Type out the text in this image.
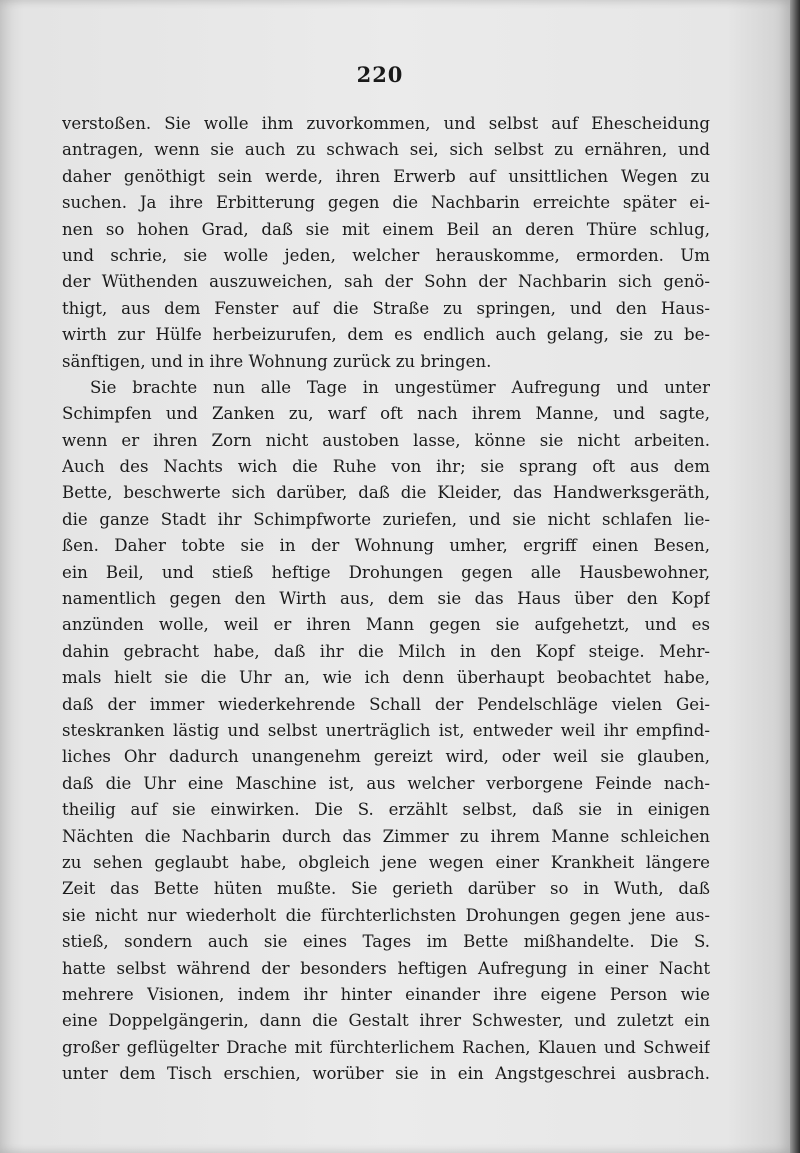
220
verstoßen. Sie wolle ihm zuvorkommen, und selbst auf Ehescheidung
antragen, wenn sie auch zu schwach sei, sich selbst zu ernähren, und
daher genöthigt sein werde, ihren Erwerb auf unsittlichen Wegen zu
suchen. Ja ihre Erbitterung gegen die Nachbarin erreichte später ei-
nen so hohen Grad, daß sie mit einem Beil an deren Thüre schlug,
und schrie, sie wolle jeden, welcher herauskomme, ermorden. Um
der Wüthenden auszuweichen, sah der Sohn der Nachbarin sich genö-
thigt, aus dem Fenster auf die Straße zu springen, und den Haus-
wirth zur Hülfe herbeizurufen, dem es endlich auch gelang, sie zu be-
sänftigen, und in ihre Wohnung zurück zu bringen.
Sie brachte nun alle Tage in ungestümer Aufregung und unter
Schimpfen und Zanken zu, warf oft nach ihrem Manne, und sagte,
wenn er ihren Zorn nicht austoben lasse, könne sie nicht arbeiten.
Auch des Nachts wich die Ruhe von ihr; sie sprang oft aus dem
Bette, beschwerte sich darüber, daß die Kleider, das Handwerksgeräth,
die ganze Stadt ihr Schimpfworte zuriefen, und sie nicht schlafen lie-
ßen. Daher tobte sie in der Wohnung umher, ergriff einen Besen,
ein Beil, und stieß heftige Drohungen gegen alle Hausbewohner,
namentlich gegen den Wirth aus, dem sie das Haus über den Kopf
anzünden wolle, weil er ihren Mann gegen sie aufgehetzt, und es
dahin gebracht habe, daß ihr die Milch in den Kopf steige. Mehr-
mals hielt sie die Uhr an, wie ich denn überhaupt beobachtet habe,
daß der immer wiederkehrende Schall der Pendelschläge vielen Gei-
steskranken lästig und selbst unerträglich ist, entweder weil ihr empfind-
liches Ohr dadurch unangenehm gereizt wird, oder weil sie glauben,
daß die Uhr eine Maschine ist, aus welcher verborgene Feinde nach-
theilig auf sie einwirken. Die S. erzählt selbst, daß sie in einigen
Nächten die Nachbarin durch das Zimmer zu ihrem Manne schleichen
zu sehen geglaubt habe, obgleich jene wegen einer Krankheit längere
Zeit das Bette hüten mußte. Sie gerieth darüber so in Wuth, daß
sie nicht nur wiederholt die fürchterlichsten Drohungen gegen jene aus-
stieß, sondern auch sie eines Tages im Bette mißhandelte. Die S.
hatte selbst während der besonders heftigen Aufregung in einer Nacht
mehrere Visionen, indem ihr hinter einander ihre eigene Person wie
eine Doppelgängerin, dann die Gestalt ihrer Schwester, und zuletzt ein
großer geflügelter Drache mit fürchterlichem Rachen, Klauen und Schweif
unter dem Tisch erschien, worüber sie in ein Angstgeschrei ausbrach.
